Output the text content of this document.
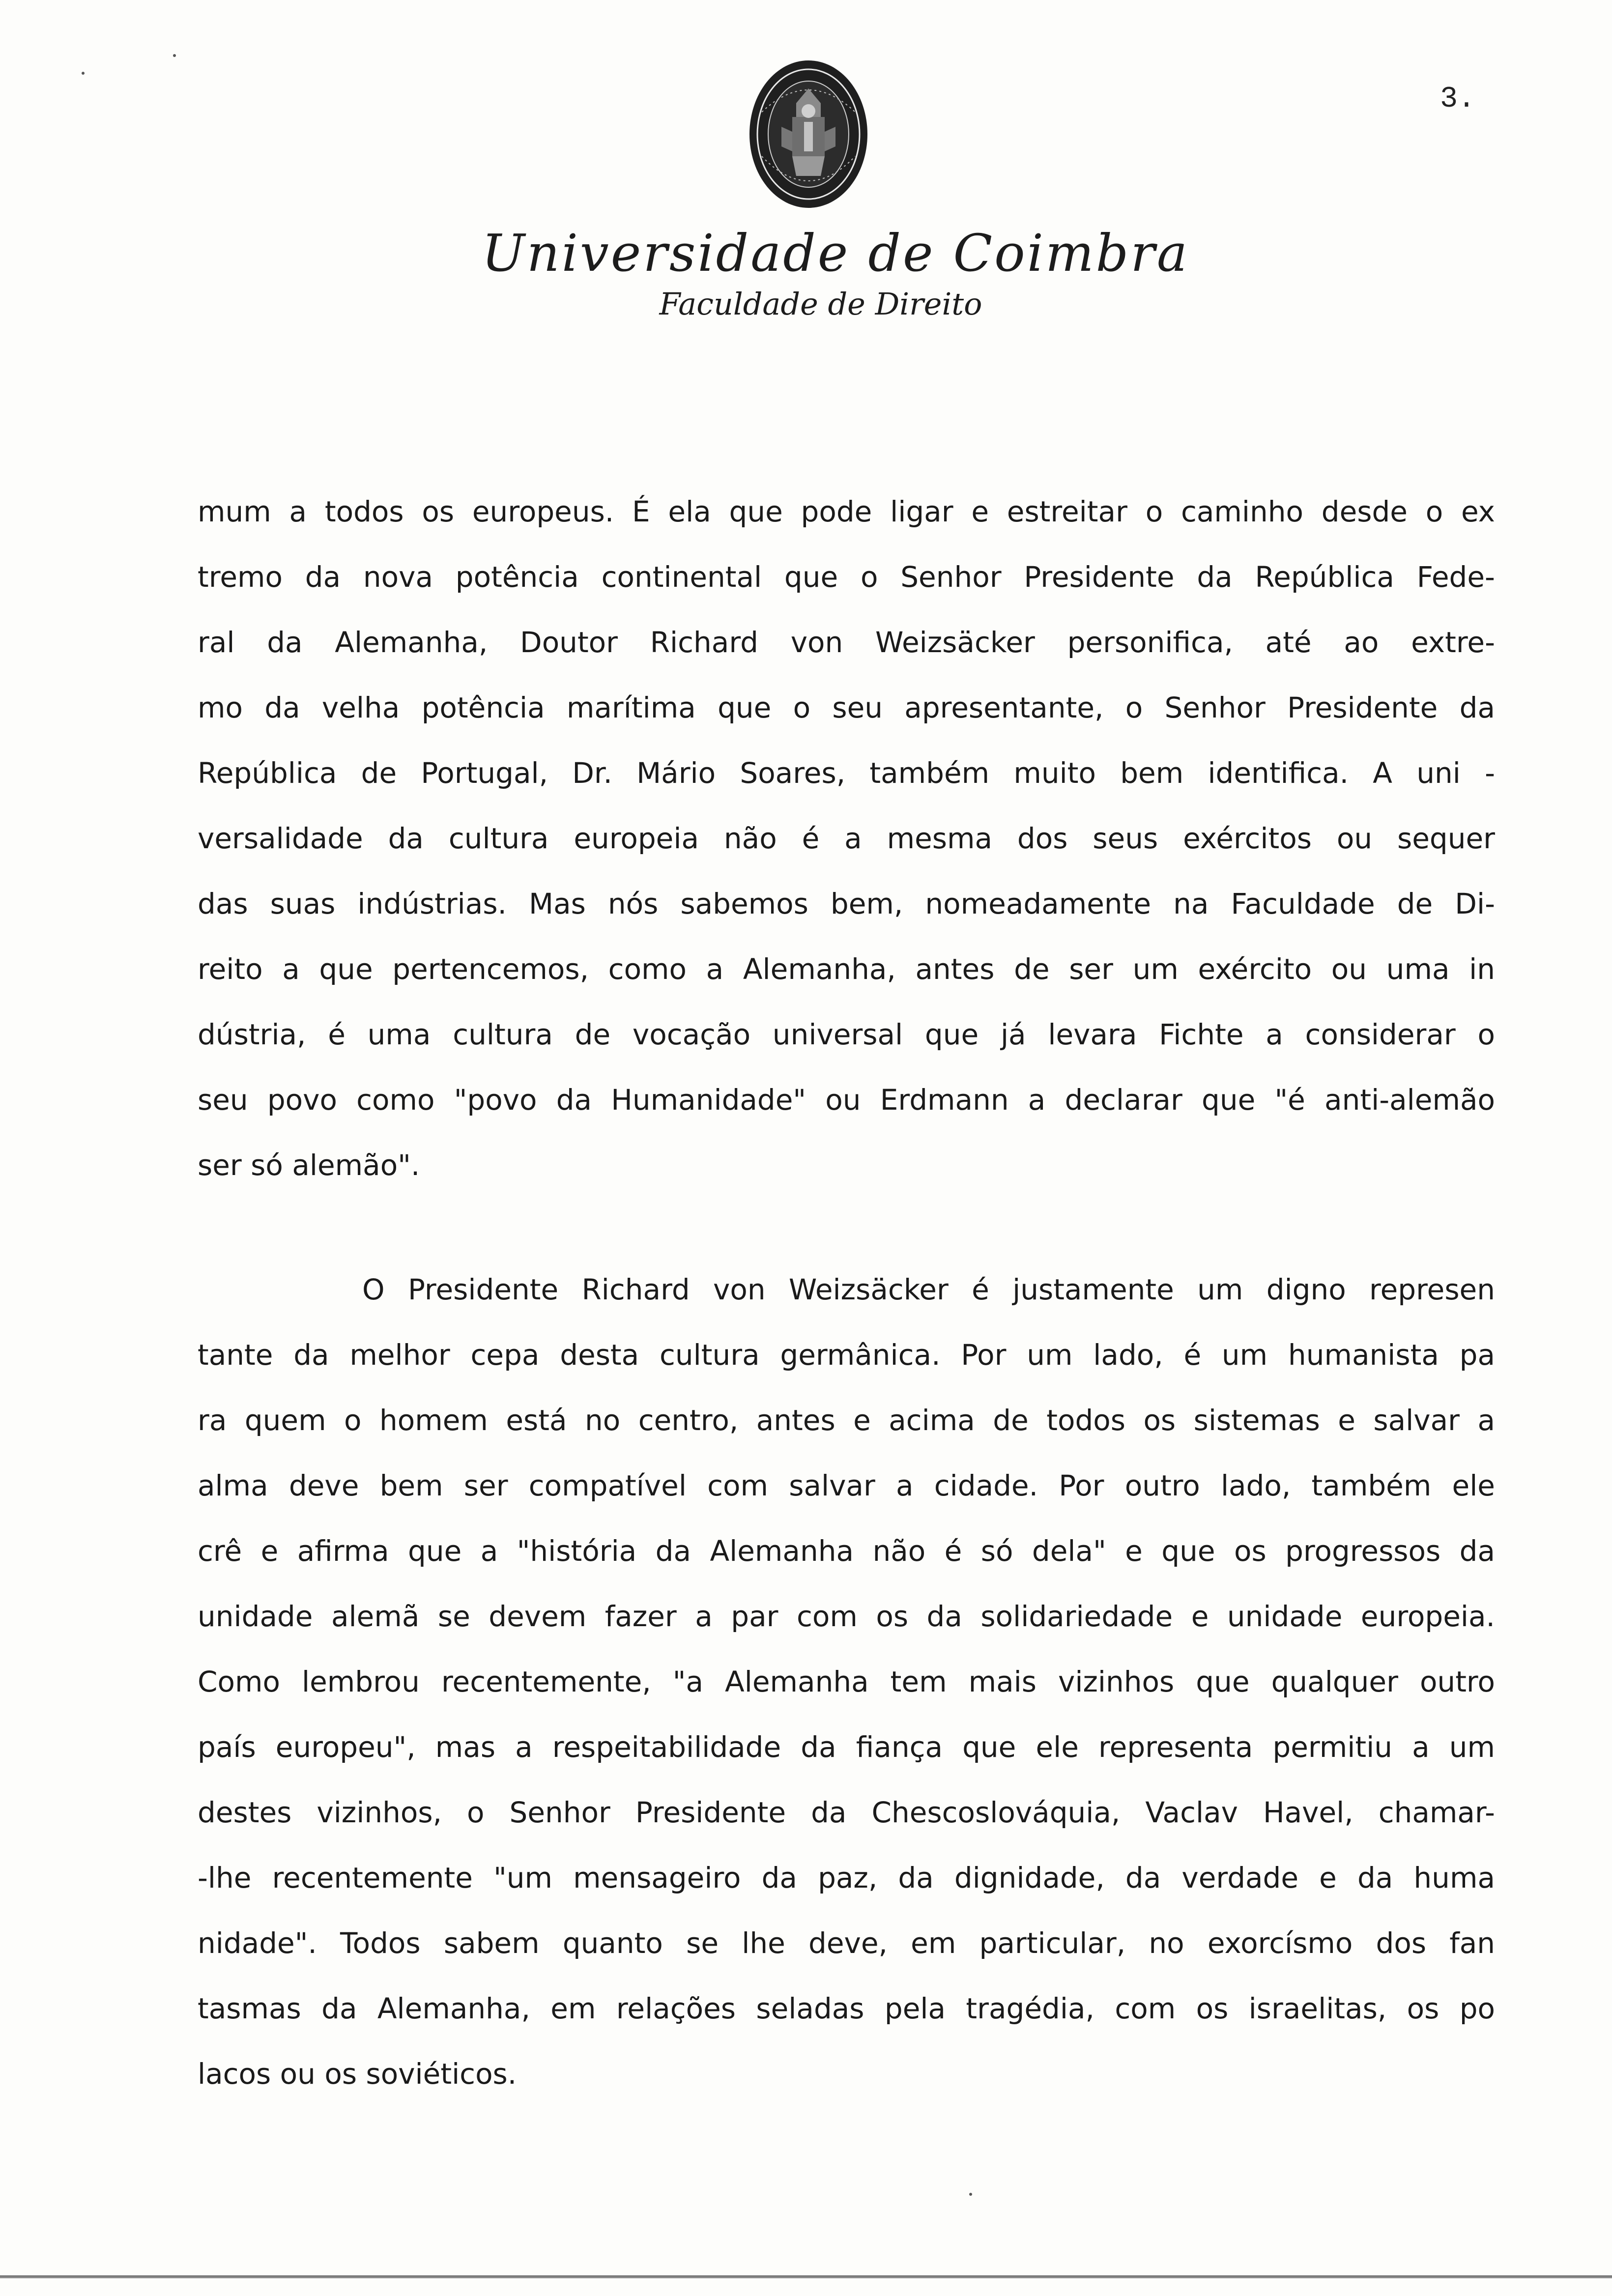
3.
Universidade de Coimbra
Faculdade de Direito
mum a todos os europeus. É ela que pode ligar e estreitar o caminho desde o ex
tremo da nova potência continental que o Senhor Presidente da República Fede-
ral da Alemanha, Doutor Richard von Weizsäcker personifica, até ao extre-
mo da velha potência marítima que o seu apresentante, o Senhor Presidente da
República de Portugal, Dr. Mário Soares, também muito bem identifica. A uni -
versalidade da cultura europeia não é a mesma dos seus exércitos ou sequer
das suas indústrias. Mas nós sabemos bem, nomeadamente na Faculdade de Di-
reito a que pertencemos, como a Alemanha, antes de ser um exército ou uma in
dústria, é uma cultura de vocação universal que já levara Fichte a considerar o
seu povo como "povo da Humanidade" ou Erdmann a declarar que "é anti-alemão
ser só alemão".
O Presidente Richard von Weizsäcker é justamente um digno represen
tante da melhor cepa desta cultura germânica. Por um lado, é um humanista pa
ra quem o homem está no centro, antes e acima de todos os sistemas e salvar a
alma deve bem ser compatível com salvar a cidade. Por outro lado, também ele
crê e afirma que a "história da Alemanha não é só dela" e que os progressos da
unidade alemã se devem fazer a par com os da solidariedade e unidade europeia.
Como lembrou recentemente, "a Alemanha tem mais vizinhos que qualquer outro
país europeu", mas a respeitabilidade da fiança que ele representa permitiu a um
destes vizinhos, o Senhor Presidente da Chescoslováquia, Vaclav Havel, chamar-
-lhe recentemente "um mensageiro da paz, da dignidade, da verdade e da huma
nidade". Todos sabem quanto se lhe deve, em particular, no exorcísmo dos fan
tasmas da Alemanha, em relações seladas pela tragédia, com os israelitas, os po
lacos ou os soviéticos.
